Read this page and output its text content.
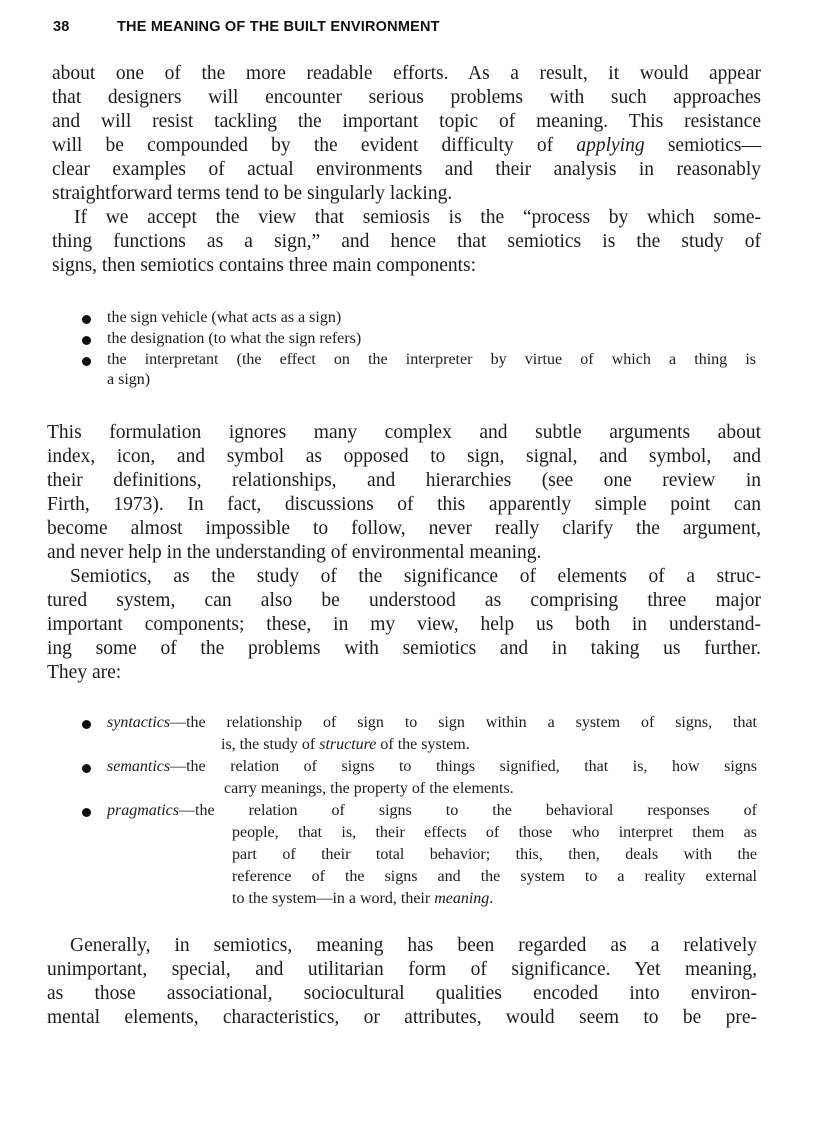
38	THE MEANING OF THE BUILT ENVIRONMENT
about one of the more readable efforts. As a result, it would appear
that designers will encounter serious problems with such approaches
and will resist tackling the important topic of meaning. This resistance
will be compounded by the evident difficulty of applying semiotics—
clear examples of actual environments and their analysis in reasonably
straightforward terms tend to be singularly lacking.
If we accept the view that semiosis is the “process by which some-
thing functions as a sign,” and hence that semiotics is the study of
signs, then semiotics contains three main components:
the sign vehicle (what acts as a sign)
the designation (to what the sign refers)
the interpretant (the effect on the interpreter by virtue of which a thing is
a sign)
This formulation ignores many complex and subtle arguments about
index, icon, and symbol as opposed to sign, signal, and symbol, and
their definitions, relationships, and hierarchies (see one review in
Firth, 1973). In fact, discussions of this apparently simple point can
become almost impossible to follow, never really clarify the argument,
and never help in the understanding of environmental meaning.
Semiotics, as the study of the significance of elements of a struc-
tured system, can also be understood as comprising three major
important components; these, in my view, help us both in understand-
ing some of the problems with semiotics and in taking us further.
They are:
syntactics—the relationship of sign to sign within a system of signs, that
is, the study of structure of the system.
semantics—the relation of signs to things signified, that is, how signs
carry meanings, the property of the elements.
pragmatics—the relation of signs to the behavioral responses of
people, that is, their effects of those who interpret them as
part of their total behavior; this, then, deals with the
reference of the signs and the system to a reality external
to the system—in a word, their meaning.
Generally, in semiotics, meaning has been regarded as a relatively
unimportant, special, and utilitarian form of significance. Yet meaning,
as those associational, sociocultural qualities encoded into environ-
mental elements, characteristics, or attributes, would seem to be pre-
